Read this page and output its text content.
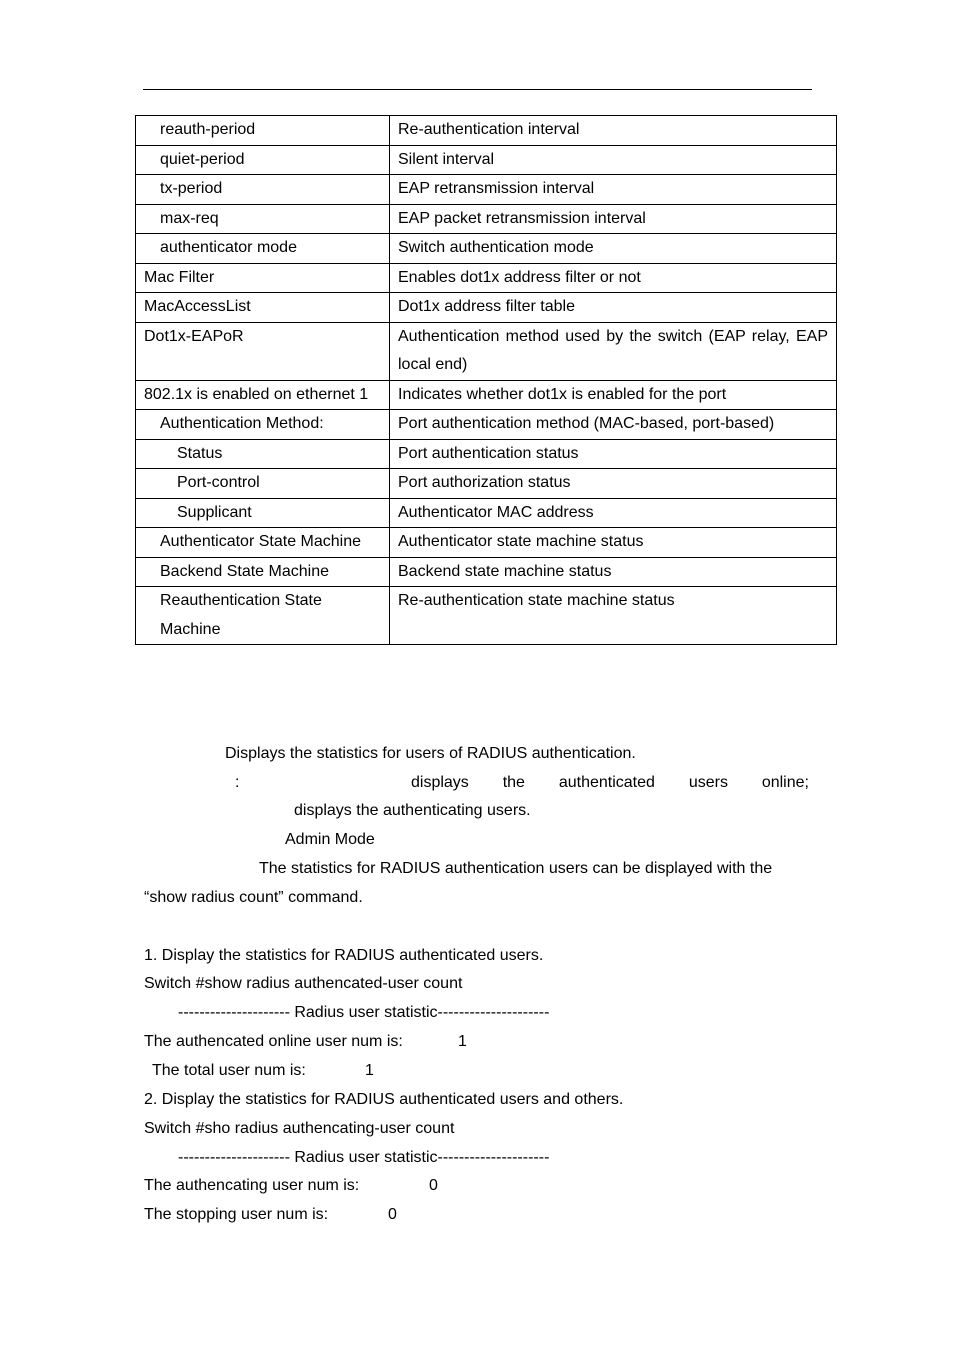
reauth-period	Re-authentication interval
quiet-period	Silent interval
tx-period	EAP retransmission interval
max-req	EAP packet retransmission interval
authenticator mode	Switch authentication mode
Mac Filter	Enables dot1x address filter or not
MacAccessList	Dot1x address filter table
Dot1x-EAPoR	Authentication method used by the switch (EAP relay, EAP local end)
802.1x is enabled on ethernet 1	Indicates whether dot1x is enabled for the port
Authentication Method:	Port authentication method (MAC-based, port-based)
Status	Port authentication status
Port-control	Port authorization status
Supplicant	Authenticator MAC address
Authenticator State Machine	Authenticator state machine status
Backend State Machine	Backend state machine status
Reauthentication State Machine	Re-authentication state machine status
Displays the statistics for users of RADIUS authentication.
:	displays the authenticated users online;
displays the authenticating users.
Admin Mode
The statistics for RADIUS authentication users can be displayed with the
“show radius count” command.
1. Display the statistics for RADIUS authenticated users.
Switch #show radius authencated-user count
--------------------- Radius user statistic---------------------
The authencated online user num is:	1
The total user num is:	1
2. Display the statistics for RADIUS authenticated users and others.
Switch #sho radius authencating-user count
--------------------- Radius user statistic---------------------
The authencating user num is:	0
The stopping user num is:	0
